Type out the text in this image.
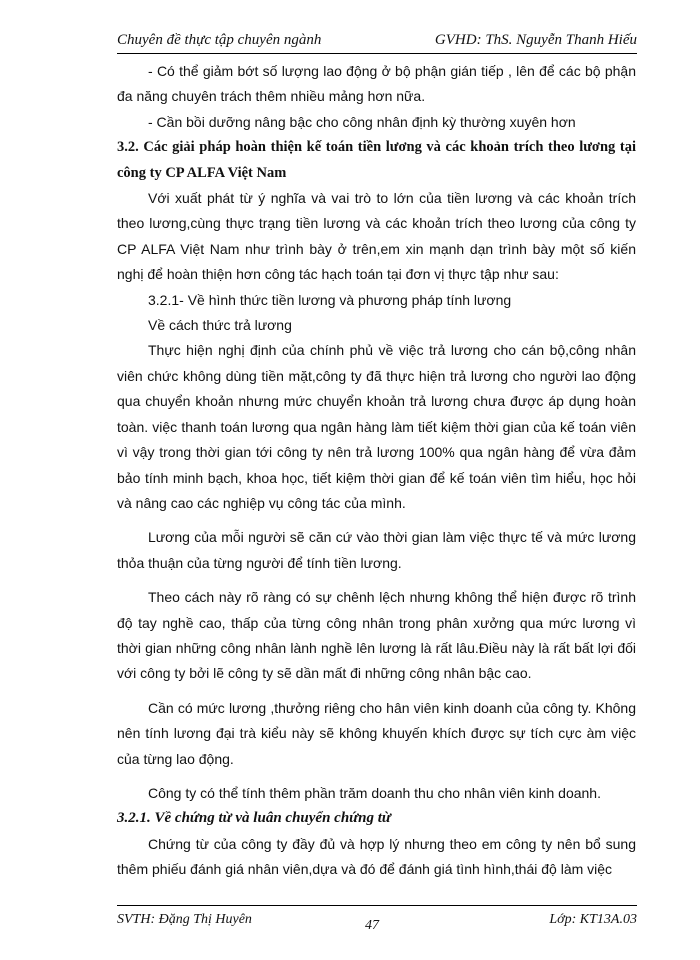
Chuyên đề thực tập chuyên ngành	GVHD: ThS. Nguyễn Thanh Hiếu

- Có thể giảm bớt số lượng lao động ở bộ phận gián tiếp , lên để các bộ phận đa năng chuyên trách thêm nhiều mảng hơn nữa.

- Cần bồi dưỡng nâng bậc cho công nhân định kỳ thường xuyên hơn

3.2. Các giải pháp hoàn thiện kế toán tiền lương và các khoản trích theo lương tại công ty CP ALFA Việt Nam

Với xuất phát từ ý nghĩa và vai trò to lớn của tiền lương và các khoản trích theo lương,cùng thực trạng tiền lương và các khoản trích theo lương của công ty CP ALFA Việt Nam như trình bày ở trên,em xin mạnh dạn trình bày một số kiến nghị để hoàn thiện hơn công tác hạch toán tại đơn vị thực tập như sau:

3.2.1- Về hình thức tiền lương và phương pháp tính lương

Về cách thức trả lương

Thực hiện nghị định của chính phủ về việc trả lương cho cán bộ,công nhân viên chức không dùng tiền mặt,công ty đã thực hiện trả lương cho người lao động qua chuyển khoản nhưng mức chuyển khoản trả lương chưa được áp dụng hoàn toàn. việc thanh toán lương qua ngân hàng làm tiết kiệm thời gian của kế toán viên vì vậy trong thời gian tới công ty nên trả lương 100% qua ngân hàng để vừa đảm bảo tính minh bạch, khoa học, tiết kiệm thời gian để kế toán viên tìm hiểu, học hỏi và nâng cao các nghiệp vụ công tác của mình.

Lương của mỗi người sẽ căn cứ vào thời gian làm việc thực tế và mức lương thỏa thuận của từng người để tính tiền lương.

Theo cách này rõ ràng có sự chênh lệch nhưng không thể hiện được rõ trình độ tay nghề cao, thấp của từng công nhân trong phân xưởng qua mức lương vì thời gian những công nhân lành nghề lên lương là rất lâu.Điều này là rất bất lợi đối với công ty bởi lẽ công ty sẽ dần mất đi những công nhân bậc cao.

Cần có mức lương ,thưởng riêng cho hân viên kinh doanh của công ty. Không nên tính lương đại trà kiểu này sẽ không khuyến khích được sự tích cực àm việc của từng lao động.

Công ty có thể tính thêm phần trăm doanh thu cho nhân viên kinh doanh.

3.2.1. Về chứng từ và luân chuyển chứng từ

Chứng từ của công ty đầy đủ và hợp lý nhưng theo em công ty nên bổ sung thêm phiếu đánh giá nhân viên,dựa và đó để đánh giá tình hình,thái độ làm việc

SVTH: Đặng Thị Huyên	47	Lớp: KT13A.03
